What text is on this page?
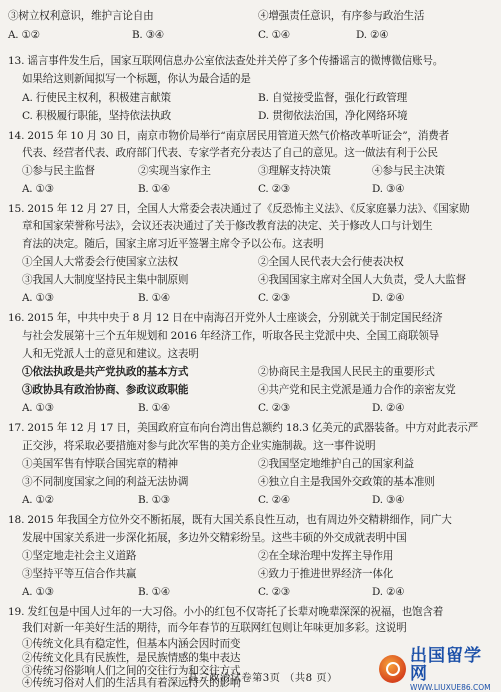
③树立权利意识，维护言论自由	④增强责任意识，有序参与政治生活
A. ①②	B. ③④	C. ①④	D. ②④
13. 谣言事件发生后，国家互联网信息办公室依法查处并关停了多个传播谣言的微博微信账号。
如果给这则新闻拟写一个标题，你认为最合适的是
A. 行使民主权利，积极建言献策	B. 自觉接受监督，强化行政管理
C. 积极履行职能，坚持依法执政	D. 贯彻依法治国，净化网络环境
14. 2015 年 10 月 30 日，南京市物价局举行“南京居民用管道天然气价格改革听证会”，消费者
代表、经营者代表、政府部门代表、专家学者充分表达了自己的意见。这一做法有利于公民
①参与民主监督	②实现当家作主	③理解支持决策	④参与民主决策
A. ①③	B. ①④	C. ②③	D. ③④
15. 2015 年 12 月 27 日，全国人大常委会表决通过了《反恐怖主义法》、《反家庭暴力法》、《国家勋
章和国家荣誉称号法》，会议还表决通过了关于修改教育法的决定、关于修改人口与计划生
育法的决定。随后，国家主席习近平签署主席令予以公布。这表明
①全国人大常委会行使国家立法权	②全国人民代表大会行使表决权
③我国人大制度坚持民主集中制原则	④我国国家主席对全国人大负责，受人大监督
A. ①③	B. ①④	C. ②③	D. ②④
16. 2015 年，中共中央于 8 月 12 日在中南海召开党外人士座谈会，分别就关于制定国民经济
与社会发展第十三个五年规划和 2016 年经济工作，听取各民主党派中央、全国工商联领导
人和无党派人士的意见和建议。这表明
①依法执政是共产党执政的基本方式	②协商民主是我国人民民主的重要形式
③政协具有政治协商、参政议政职能	④共产党和民主党派是通力合作的亲密友党
A. ①③	B. ①④	C. ②③	D. ②④
17. 2015 年 12 月 17 日，美国政府宣布向台湾出售总额约 18.3 亿美元的武器装备。中方对此表示严
正交涉，将采取必要措施对参与此次军售的美方企业实施制裁。这一事件说明
①美国军售有悖联合国宪章的精神	②我国坚定地维护自己的国家利益
③不同制度国家之间的利益无法协调	④独立自主是我国外交政策的基本准则
A. ①②	B. ①③	C. ②④	D. ③④
18. 2015 年我国全方位外交不断拓展，既有大国关系良性互动，也有周边外交精耕细作，同广大
发展中国家关系进一步深化拓展，多边外交精彩纷呈。这些丰硕的外交成就表明中国
①坚定地走社会主义道路	②在全球治理中发挥主导作用
③坚持平等互信合作共赢	④致力于推进世界经济一体化
A. ①③	B. ①④	C. ②③	D. ②④
19. 发红包是中国人过年的一大习俗。小小的红包不仅寄托了长辈对晚辈深深的祝福，也饱含着
我们对新一年美好生活的期待，而今年春节的互联网红包则让年味更加多彩。这说明
①传统文化具有稳定性，但基本内涵会因时而变
②传统文化具有民族性，是民族情感的集中表达
③传统习俗影响人们之间的交往行为和交往方式
④传统习俗对人们的生活具有着深远持久的影响
高三政治试卷第3页 （共8 页）
出国留学网
WWW.LIUXUE86.COM
